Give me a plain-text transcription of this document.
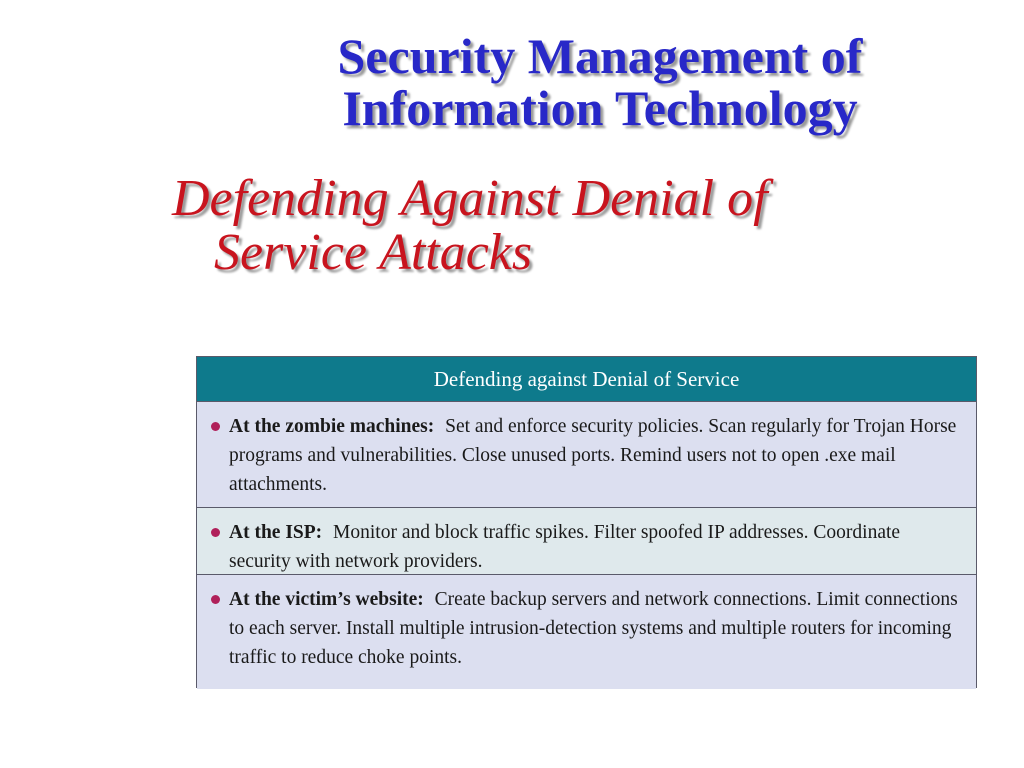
Security Management of
Information Technology
Defending Against Denial of
Service Attacks
Defending against Denial of Service
At the zombie machines: Set and enforce security policies. Scan regularly for Trojan Horse programs and vulnerabilities. Close unused ports. Remind users not to open .exe mail attachments.
At the ISP: Monitor and block traffic spikes. Filter spoofed IP addresses. Coordinate security with network providers.
At the victim’s website: Create backup servers and network connections. Limit connections to each server. Install multiple intrusion-detection systems and multiple routers for incoming traffic to reduce choke points.
